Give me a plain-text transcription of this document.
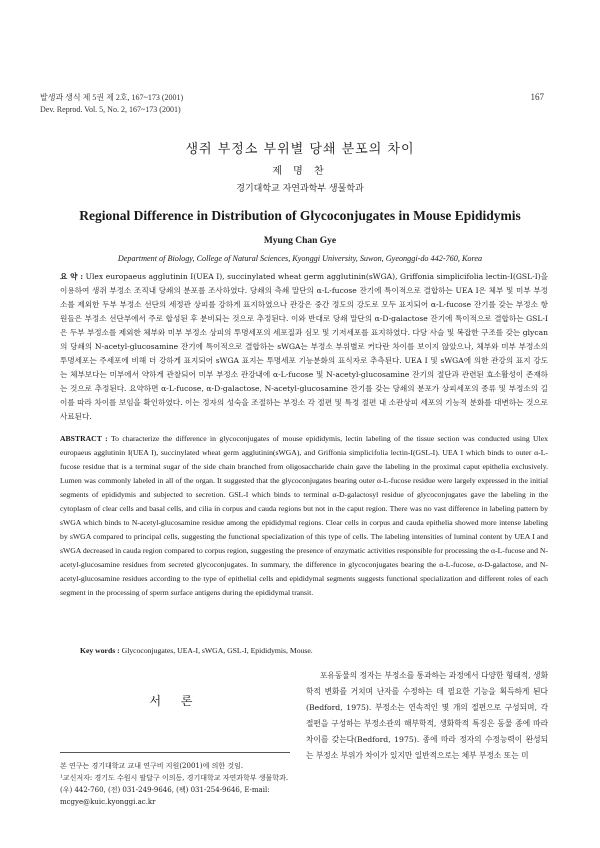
발생과 생식 제 5권 제 2호, 167~173 (2001)
Dev. Reprod. Vol. 5, No. 2, 167~173 (2001)
167
생쥐 부정소 부위별 당쇄 분포의 차이
제 명 찬
경기대학교 자연과학부 생물학과
Regional Difference in Distribution of Glycoconjugates in Mouse Epididymis
Myung Chan Gye
Department of Biology, College of Natural Sciences, Kyonggi University, Suwon, Gyeonggi-do 442-760, Korea
요 약 : Ulex europaeus agglutinin I(UEA I), succinylated wheat germ agglutinin(sWGA), Griffonia simplicifolia lectin-I(GSL-I)을 이용하여 생쥐 부정소 조직내 당쇄의 분포를 조사하였다. 당쇄의 측쇄 말단의 α-L-fucose 잔기에 특이적으로 결합하는 UEA I은 체부 및 미부 부정소를 제외한 두부 부정소 선단의 세정관 상피를 강하게 표지하였으나 관강은 중간 정도의 강도로 모두 표지되어 α-L-fucose 잔기를 갖는 부정소 항원들은 부정소 선단부에서 주로 합성된 후 분비되는 것으로 추정된다. 이와 반대로 당쇄 말단의 α-D-galactose 잔기에 특이적으로 결합하는 GSL-I은 두부 부정소를 제외한 체부와 미부 부정소 상피의 투명세포의 세포질과 심모 및 기저세포를 표지하였다. 다당 사슬 및 복잡한 구조를 갖는 glycan의 당쇄의 N-acetyl-glucosamine 잔기에 특이적으로 결합하는 sWGA는 부정소 부위별로 커다란 차이를 보이지 않았으나, 체부와 미부 부정소의 투명세포는 주세포에 비해 더 강하게 표지되어 sWGA 표지는 투명세포 기능분화의 표식자로 추측된다. UEA I 및 sWGA에 의한 관강의 표지 강도는 체부보다는 미부에서 약하게 관찰되어 미부 부정소 관강내에 α-L-fucose 및 N-acetyl-glucosamine 잔기의 절단과 관련된 효소활성이 존재하는 것으로 추정된다. 요약하면 α-L-fucose, α-D-galactose, N-acetyl-glucosamine 잔기를 갖는 당쇄의 분포가 상피세포의 종류 및 부정소의 길이를 따라 차이를 보임을 확인하였다. 이는 정자의 성숙을 조절하는 부정소 각 절편 및 특정 절편 내 소관상피 세포의 기능적 분화를 대변하는 것으로 사료된다.
ABSTRACT : To characterize the difference in glycoconjugates of mouse epididymis, lectin labeling of the tissue section was conducted using Ulex europaeus agglutinin I(UEA I), succinylated wheat germ agglutinin(sWGA), and Griffonia simplicifolia lectin-I(GSL-I). UEA I which binds to outer α-L-fucose residue that is a terminal sugar of the side chain branched from oligosaccharide chain gave the labeling in the proximal caput epithelia exclusively. Lumen was commonly labeled in all of the organ. It suggested that the glycoconjugates bearing outer α-L-fucose residue were largely expressed in the initial segments of epididymis and subjected to secretion. GSL-I which binds to terminal α-D-galactosyl residue of glycoconjugates gave the labeling in the cytoplasm of clear cells and basal cells, and cilia in corpus and cauda regions but not in the caput region. There was no vast difference in labeling pattern by sWGA which binds to N-acetyl-glucosamine residue among the epididymal regions. Clear cells in corpus and cauda epithelia showed more intense labeling by sWGA compared to principal cells, suggesting the functional specialization of this type of cells. The labeling intensities of luminal content by UEA I and sWGA decreased in cauda region compared to corpus region, suggesting the presence of enzymatic activities responsible for processing the α-L-fucose and N-acetyl-glucosamine residues from secreted glycoconjugates. In summary, the difference in glycoconjugates bearing the α-L-fucose, α-D-galactose, and N-acetyl-glucosamine residues according to the type of epithelial cells and epididymal segments suggests functional specialization and different roles of each segment in the processing of sperm surface antigens during the epididymal transit.
Key words : Glycoconjugates, UEA-I, sWGA, GSL-I, Epididymis, Mouse.
서 론
본 연구는 경기대학교 교내 연구비 지원(2001)에 의한 것임.
¹교신저자: 경기도 수원시 팔달구 이의동, 경기대학교 자연과학부 생물학과. (우) 442-760, (전) 031-249-9646, (팩) 031-254-9646, E-mail: mcgye@kuic.kyonggi.ac.kr
포유동물의 정자는 부정소를 통과하는 과정에서 다양한 형태적, 생화학적 변화를 거치며 난자를 수정하는 데 필요한 기능을 획득하게 된다(Bedford, 1975). 부정소는 연속적인 몇 개의 절편으로 구성되며, 각 절편을 구성하는 부정소관의 해부학적, 생화학적 특징은 동물 종에 따라 차이를 갖는다(Bedford, 1975). 종에 따라 정자의 수정능력이 완성되는 부정소 부위가 차이가 있지만 일반적으로는 체부 부정소 또는 미
